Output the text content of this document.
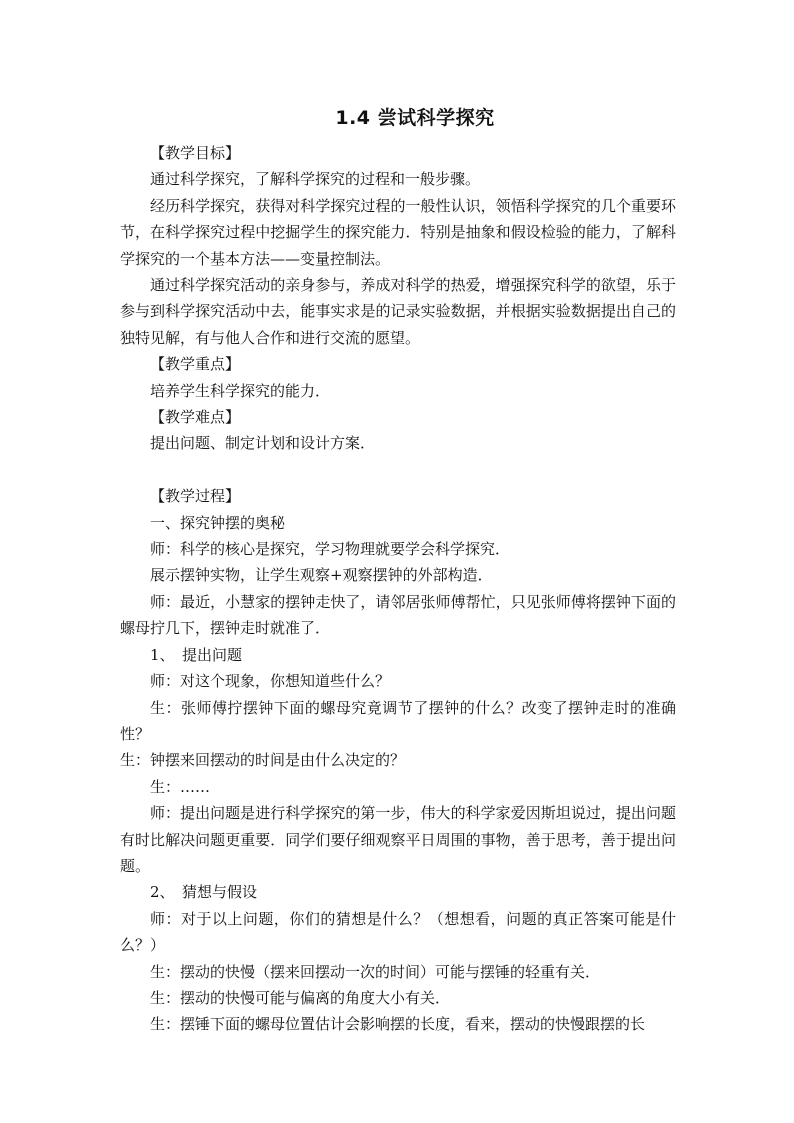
1.4 尝试科学探究

【教学目标】

通过科学探究，了解科学探究的过程和一般步骤。

经历科学探究，获得对科学探究过程的一般性认识，领悟科学探究的几个重要环节，在科学探究过程中挖掘学生的探究能力．特别是抽象和假设检验的能力，了解科学探究的一个基本方法——变量控制法。

通过科学探究活动的亲身参与，养成对科学的热爱，增强探究科学的欲望，乐于参与到科学探究活动中去，能事实求是的记录实验数据，并根据实验数据提出自己的独特见解，有与他人合作和进行交流的愿望。

【教学重点】

培养学生科学探究的能力．

【教学难点】

提出问题、制定计划和设计方案．

【教学过程】

一、探究钟摆的奥秘

师：科学的核心是探究，学习物理就要学会科学探究．

展示摆钟实物，让学生观察+观察摆钟的外部构造．

师：最近，小慧家的摆钟走快了，请邻居张师傅帮忙，只见张师傅将摆钟下面的螺母拧几下，摆钟走时就准了．

1、　提出问题

师：对这个现象，你想知道些什么？

生：张师傅拧摆钟下面的螺母究竟调节了摆钟的什么？改变了摆钟走时的准确性？

生：钟摆来回摆动的时间是由什么决定的？

生：……

师：提出问题是进行科学探究的第一步，伟大的科学家爱因斯坦说过，提出问题有时比解决问题更重要．同学们要仔细观察平日周围的事物，善于思考，善于提出问题。

2、　猜想与假设

师：对于以上问题，你们的猜想是什么？（想想看，问题的真正答案可能是什么？）

生：摆动的快慢（摆来回摆动一次的时间）可能与摆锤的轻重有关．

生：摆动的快慢可能与偏离的角度大小有关．

生：摆锤下面的螺母位置估计会影响摆的长度，看来，摆动的快慢跟摆的长
